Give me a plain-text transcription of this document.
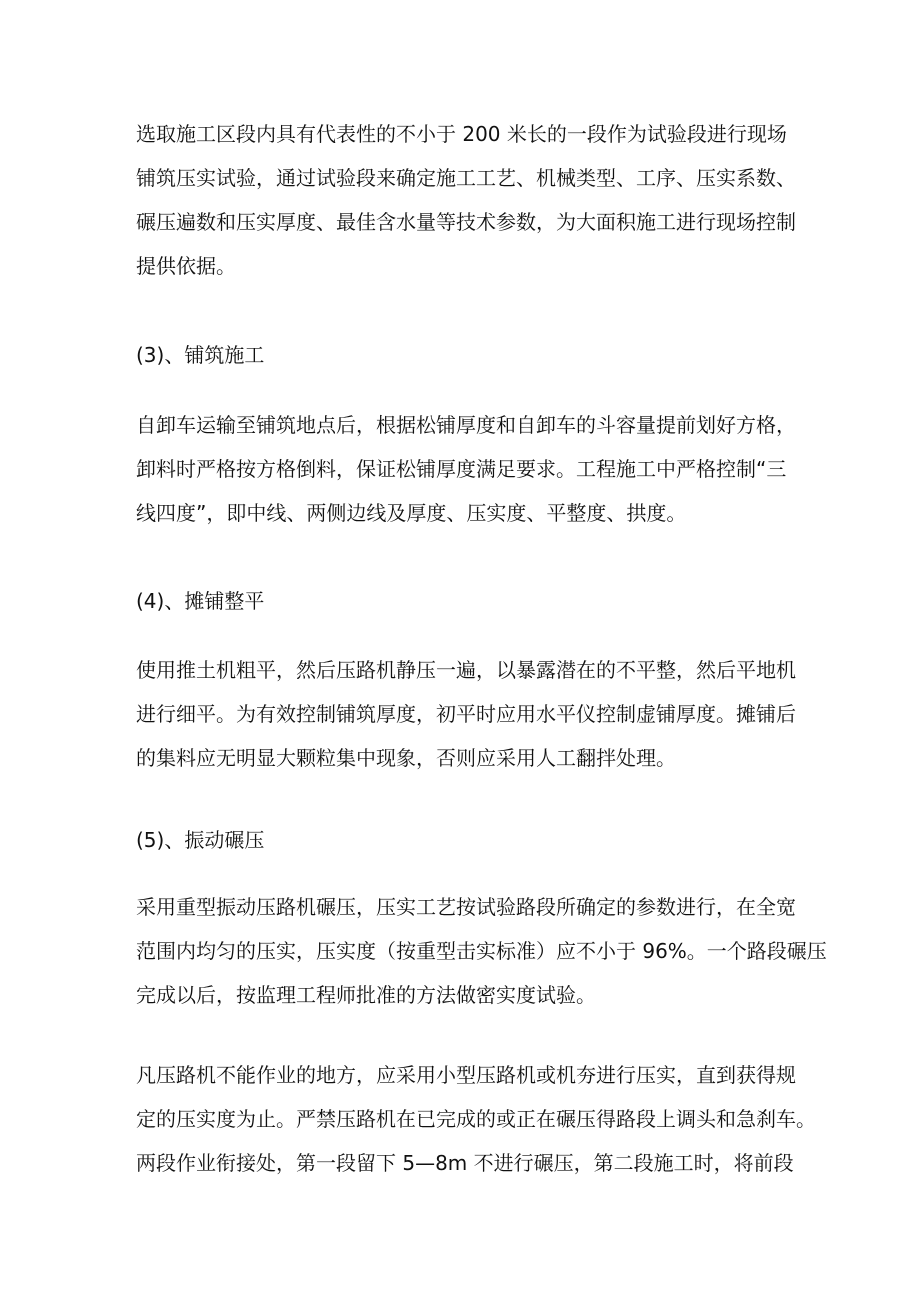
选取施工区段内具有代表性的不小于 200 米长的一段作为试验段进行现场
铺筑压实试验，通过试验段来确定施工工艺、机械类型、工序、压实系数、
碾压遍数和压实厚度、最佳含水量等技术参数，为大面积施工进行现场控制
提供依据。

(3)、铺筑施工

自卸车运输至铺筑地点后，根据松铺厚度和自卸车的斗容量提前划好方格，
卸料时严格按方格倒料，保证松铺厚度满足要求。工程施工中严格控制“三
线四度”，即中线、两侧边线及厚度、压实度、平整度、拱度。

(4)、摊铺整平

使用推土机粗平，然后压路机静压一遍，以暴露潜在的不平整，然后平地机
进行细平。为有效控制铺筑厚度，初平时应用水平仪控制虚铺厚度。摊铺后
的集料应无明显大颗粒集中现象，否则应采用人工翻拌处理。

(5)、振动碾压

采用重型振动压路机碾压，压实工艺按试验路段所确定的参数进行，在全宽
范围内均匀的压实，压实度（按重型击实标准）应不小于 96%。一个路段碾压
完成以后，按监理工程师批准的方法做密实度试验。
凡压路机不能作业的地方，应采用小型压路机或机夯进行压实，直到获得规
定的压实度为止。严禁压路机在已完成的或正在碾压得路段上调头和急刹车。
两段作业衔接处，第一段留下 5—8m 不进行碾压，第二段施工时，将前段
